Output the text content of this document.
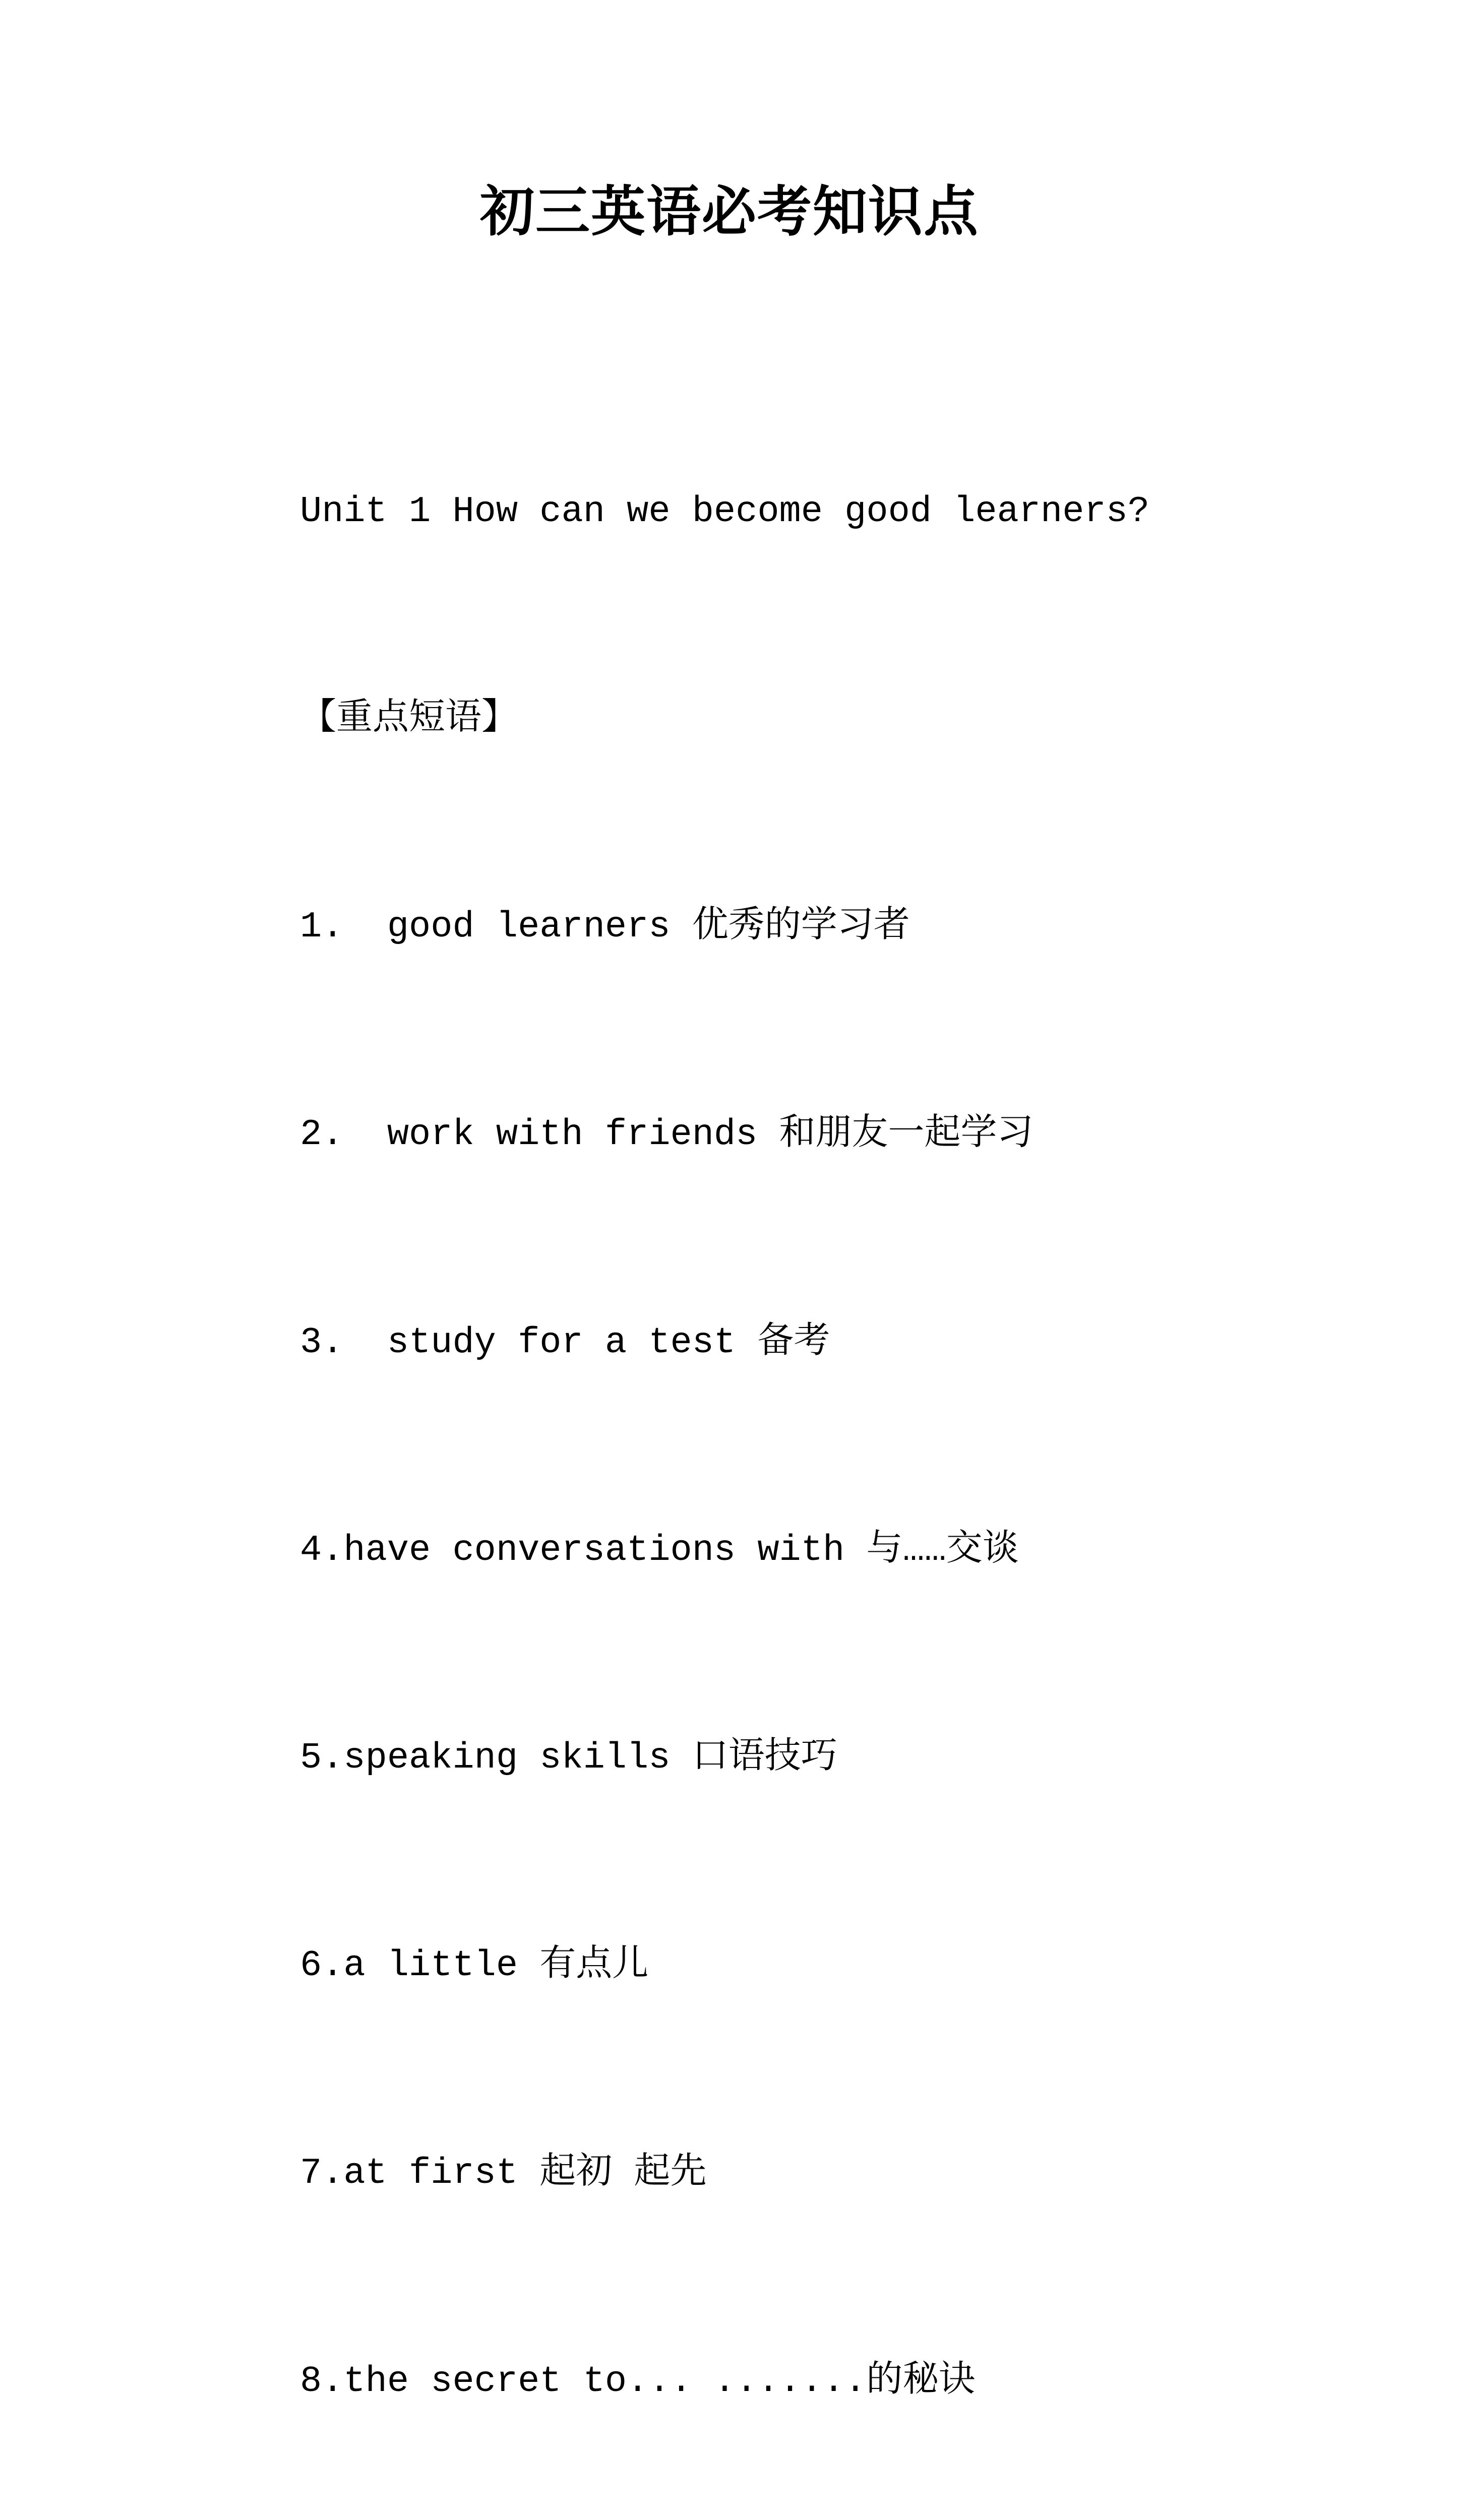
初三英语必考知识点

Unit 1 How can we become good learners?

【重点短语】

1.  good learners 优秀的学习者

2.  work with friends 和朋友一起学习

3.  study for a test 备考

4.have conversations with 与……交谈

5.speaking skills 口语技巧

6.a little 有点儿

7.at first 起初 起先

8.the secret to... .......的秘诀
